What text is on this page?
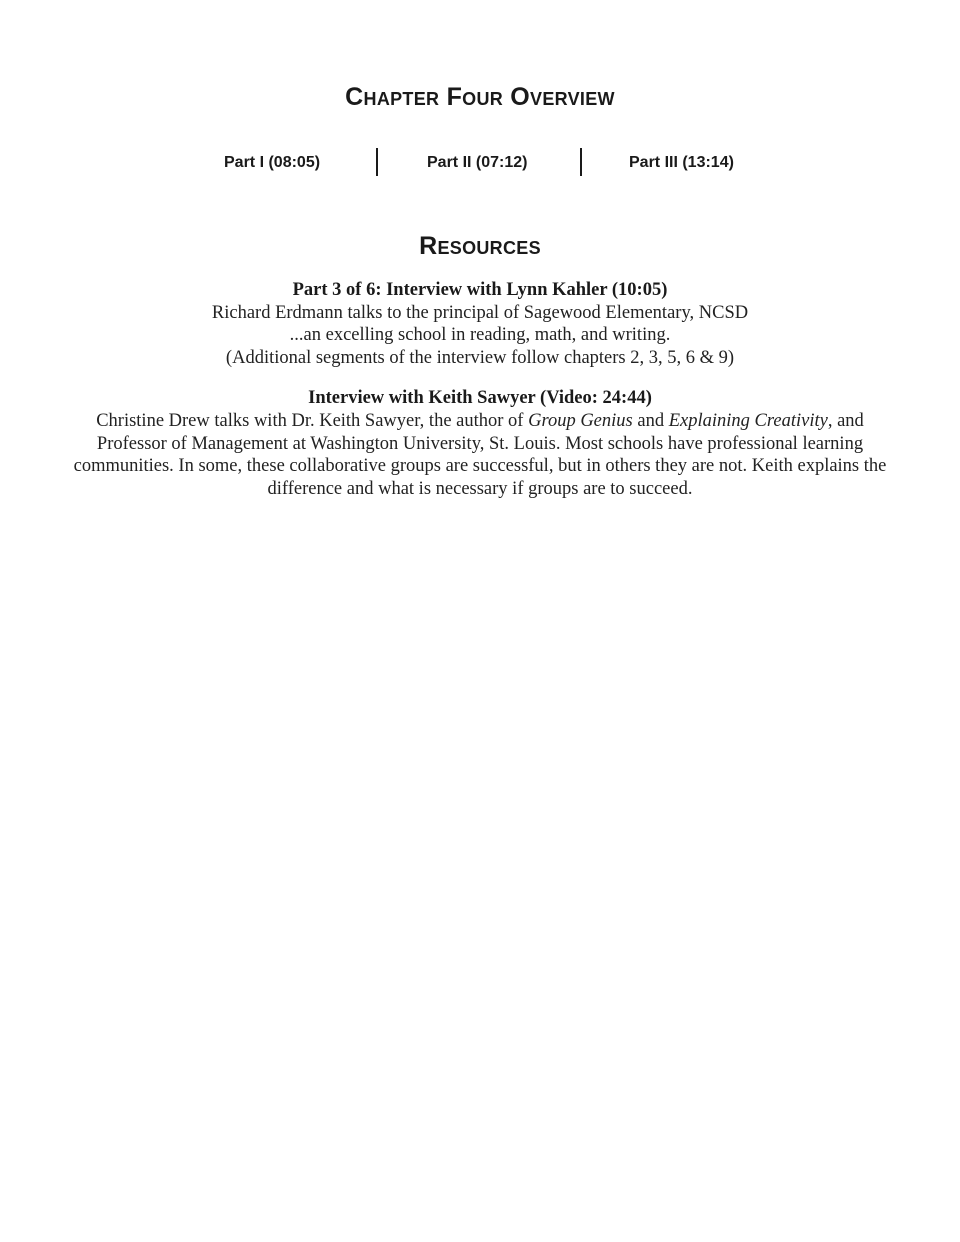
Chapter Four Overview
Part I (08:05)	Part II (07:12)	Part III (13:14)
Resources
Part 3 of 6: Interview with Lynn Kahler (10:05)
Richard Erdmann talks to the principal of Sagewood Elementary, NCSD
...an excelling school in reading, math, and writing.
(Additional segments of the interview follow chapters 2, 3, 5, 6 & 9)
Interview with Keith Sawyer (Video: 24:44)
Christine Drew talks with Dr. Keith Sawyer, the author of Group Genius and Explaining Creativity, and Professor of Management at Washington University, St. Louis. Most schools have professional learning communities. In some, these collaborative groups are successful, but in others they are not. Keith explains the difference and what is necessary if groups are to succeed.
